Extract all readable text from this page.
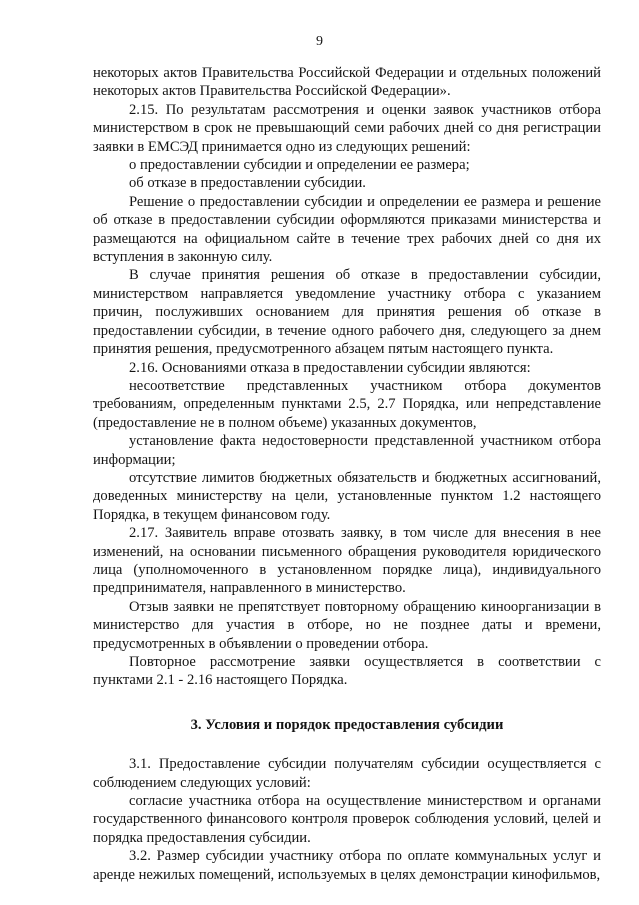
9

некоторых актов Правительства Российской Федерации и отдельных положений некоторых актов Правительства Российской Федерации».

2.15. По результатам рассмотрения и оценки заявок участников отбора министерством в срок не превышающий семи рабочих дней со дня регистрации заявки в ЕМСЭД принимается одно из следующих решений:

о предоставлении субсидии и определении ее размера;

об отказе в предоставлении субсидии.

Решение о предоставлении субсидии и определении ее размера и решение об отказе в предоставлении субсидии оформляются приказами министерства и размещаются на официальном сайте в течение трех рабочих дней со дня их вступления в законную силу.

В случае принятия решения об отказе в предоставлении субсидии, министерством направляется уведомление участнику отбора с указанием причин, послуживших основанием для принятия решения об отказе в предоставлении субсидии, в течение одного рабочего дня, следующего за днем принятия решения, предусмотренного абзацем пятым настоящего пункта.

2.16. Основаниями отказа в предоставлении субсидии являются:

несоответствие представленных участником отбора документов требованиям, определенным пунктами 2.5, 2.7 Порядка, или непредставление (предоставление не в полном объеме) указанных документов,

установление факта недостоверности представленной участником отбора информации;

отсутствие лимитов бюджетных обязательств и бюджетных ассигнований, доведенных министерству на цели, установленные пунктом 1.2 настоящего Порядка, в текущем финансовом году.

2.17. Заявитель вправе отозвать заявку, в том числе для внесения в нее изменений, на основании письменного обращения руководителя юридического лица (уполномоченного в установленном порядке лица), индивидуального предпринимателя, направленного в министерство.

Отзыв заявки не препятствует повторному обращению киноорганизации в министерство для участия в отборе, но не позднее даты и времени, предусмотренных в объявлении о проведении отбора.

Повторное рассмотрение заявки осуществляется в соответствии с пунктами 2.1 - 2.16 настоящего Порядка.

3. Условия и порядок предоставления субсидии

3.1. Предоставление субсидии получателям субсидии осуществляется с соблюдением следующих условий:

согласие участника отбора на осуществление министерством и органами государственного финансового контроля проверок соблюдения условий, целей и порядка предоставления субсидии.

3.2. Размер субсидии участнику отбора по оплате коммунальных услуг и аренде нежилых помещений, используемых в целях демонстрации кинофильмов,
